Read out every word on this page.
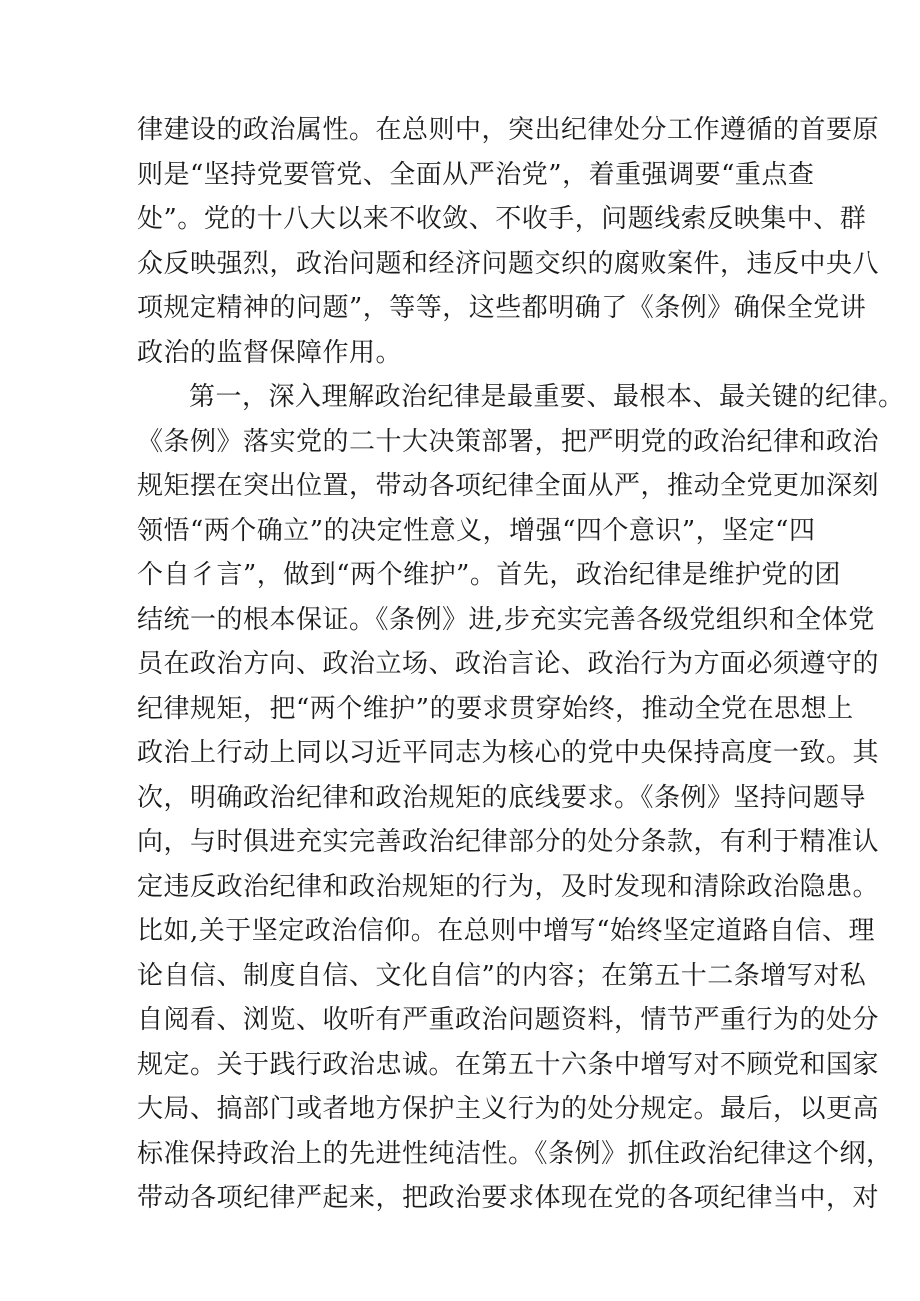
律建设的政治属性。在总则中，突出纪律处分工作遵循的首要原
则是“坚持党要管党、全面从严治党”，着重强调要“重点查
处”。党的十八大以来不收敛、不收手，问题线索反映集中、群
众反映强烈，政治问题和经济问题交织的腐败案件，违反中央八
项规定精神的问题”，等等，这些都明确了《条例》确保全党讲
政治的监督保障作用。
第一，深入理解政治纪律是最重要、最根本、最关键的纪律。
《条例》落实党的二十大决策部署，把严明党的政治纪律和政治
规矩摆在突出位置，带动各项纪律全面从严，推动全党更加深刻
领悟“两个确立”的决定性意义，增强“四个意识”，坚定“四
个自彳言”，做到“两个维护”。首先，政治纪律是维护党的团
结统一的根本保证。《条例》进,步充实完善各级党组织和全体党
员在政治方向、政治立场、政治言论、政治行为方面必须遵守的
纪律规矩，把“两个维护”的要求贯穿始终，推动全党在思想上
政治上行动上同以习近平同志为核心的党中央保持高度一致。其
次，明确政治纪律和政治规矩的底线要求。《条例》坚持问题导
向，与时俱进充实完善政治纪律部分的处分条款，有利于精准认
定违反政治纪律和政治规矩的行为，及时发现和清除政治隐患。
比如,关于坚定政治信仰。在总则中增写“始终坚定道路自信、理
论自信、制度自信、文化自信”的内容；在第五十二条增写对私
自阅看、浏览、收听有严重政治问题资料，情节严重行为的处分
规定。关于践行政治忠诚。在第五十六条中增写对不顾党和国家
大局、搞部门或者地方保护主义行为的处分规定。最后，以更高
标准保持政治上的先进性纯洁性。《条例》抓住政治纪律这个纲，
带动各项纪律严起来，把政治要求体现在党的各项纪律当中，对
